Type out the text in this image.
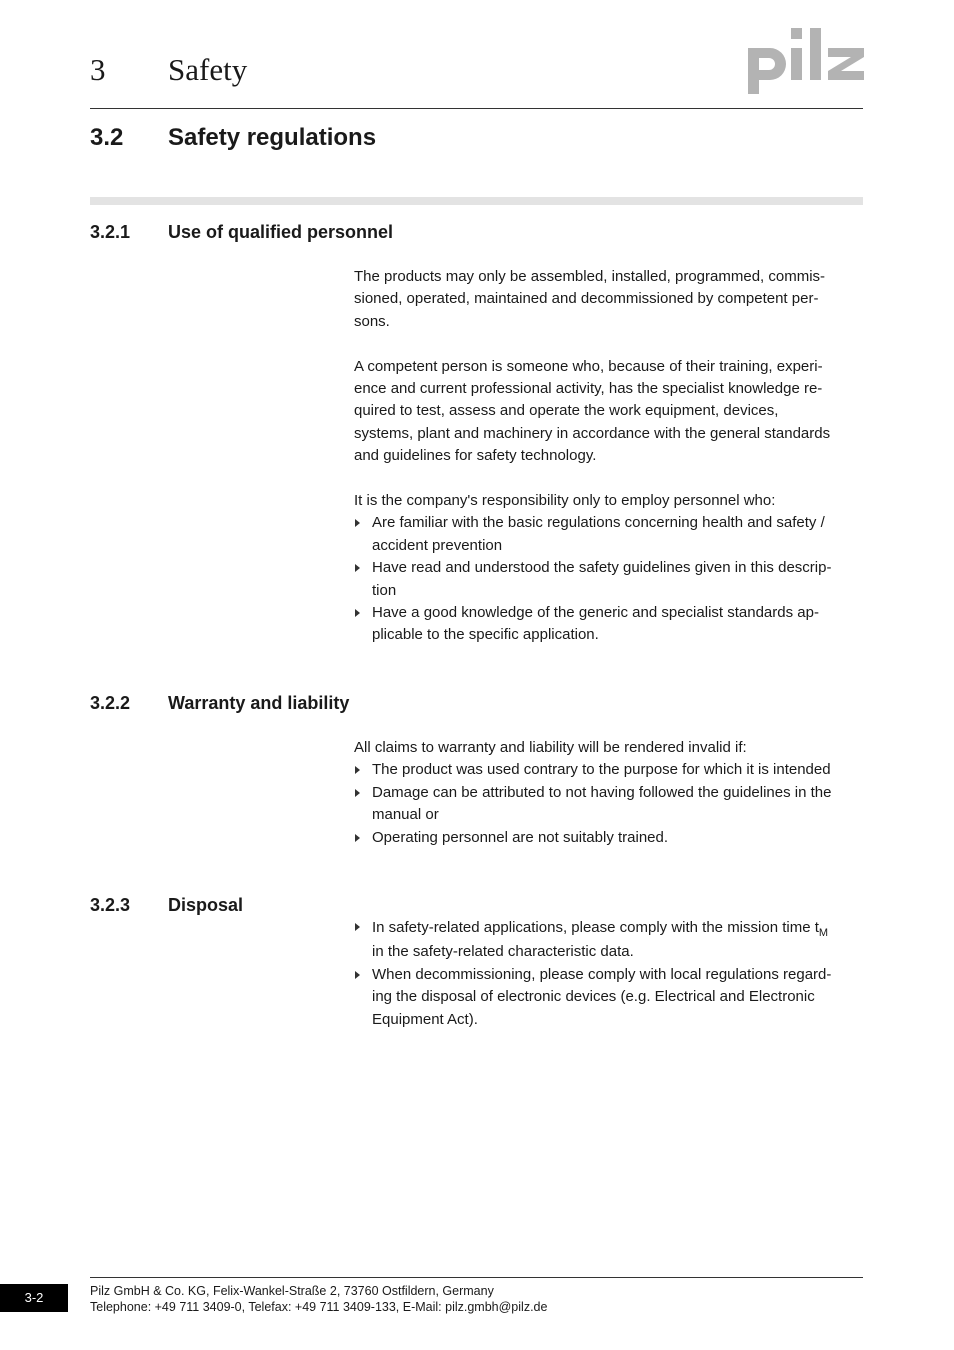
3 Safety
3.2 Safety regulations
3.2.1 Use of qualified personnel

The products may only be assembled, installed, programmed, commis-
sioned, operated, maintained and decommissioned by competent per-
sons.

A competent person is someone who, because of their training, experi-
ence and current professional activity, has the specialist knowledge re-
quired to test, assess and operate the work equipment, devices,
systems, plant and machinery in accordance with the general standards
and guidelines for safety technology.

It is the company's responsibility only to employ personnel who:

Are familiar with the basic regulations concerning health and safety /
accident prevention
Have read and understood the safety guidelines given in this descrip-
tion
Have a good knowledge of the generic and specialist standards ap-
plicable to the specific application.
3.2.2 Warranty and liability

All claims to warranty and liability will be rendered invalid if:

The product was used contrary to the purpose for which it is intended
Damage can be attributed to not having followed the guidelines in the
manual or
Operating personnel are not suitably trained.
3.2.3 Disposal
In safety-related applications, please comply with the mission time $t_M$
in the safety-related characteristic data.
When decommissioning, please comply with local regulations regard-
ing the disposal of electronic devices (e.g. Electrical and Electronic
Equipment Act).
3-2	Pilz GmbH & Co. KG, Felix-Wankel-Straße 2, 73760 Ostfildern, Germany
Telephone: +49 711 3409-0, Telefax: +49 711 3409-133, E-Mail: pilz.gmbh@pilz.de
